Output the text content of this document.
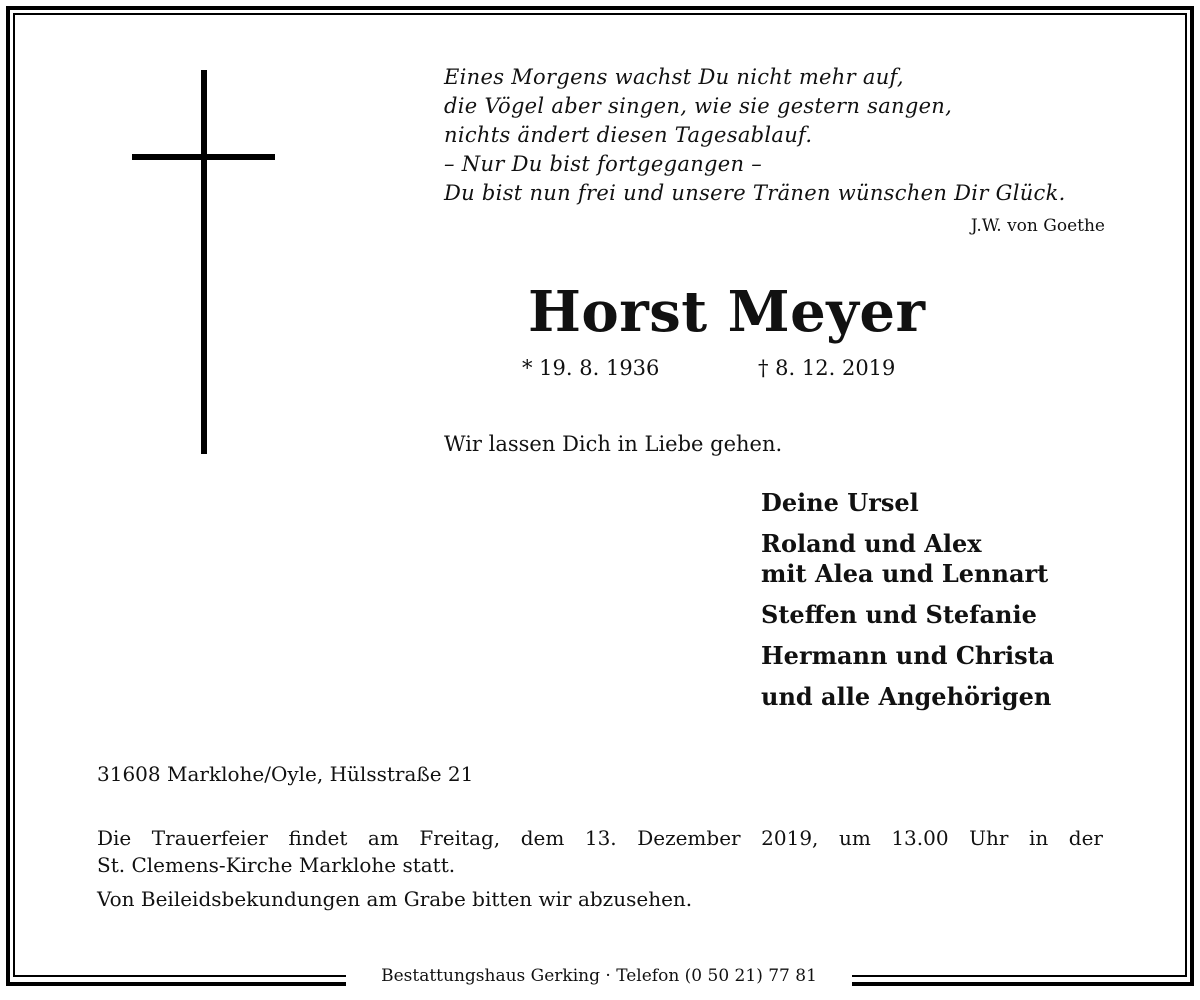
Eines Morgens wachst Du nicht mehr auf,
die Vögel aber singen, wie sie gestern sangen,
nichts ändert diesen Tagesablauf.
– Nur Du bist fortgegangen –
Du bist nun frei und unsere Tränen wünschen Dir Glück.
J.W. von Goethe
Horst Meyer
* 19. 8. 1936	† 8. 12. 2019
Wir lassen Dich in Liebe gehen.
Deine Ursel
Roland und Alex
mit Alea und Lennart
Steffen und Stefanie
Hermann und Christa
und alle Angehörigen
31608 Marklohe/Oyle, Hülsstraße 21
Die Trauerfeier findet am Freitag, dem 13. Dezember 2019, um 13.00 Uhr in der
St. Clemens-Kirche Marklohe statt.
Von Beileidsbekundungen am Grabe bitten wir abzusehen.
Bestattungshaus Gerking · Telefon (0 50 21) 77 81
